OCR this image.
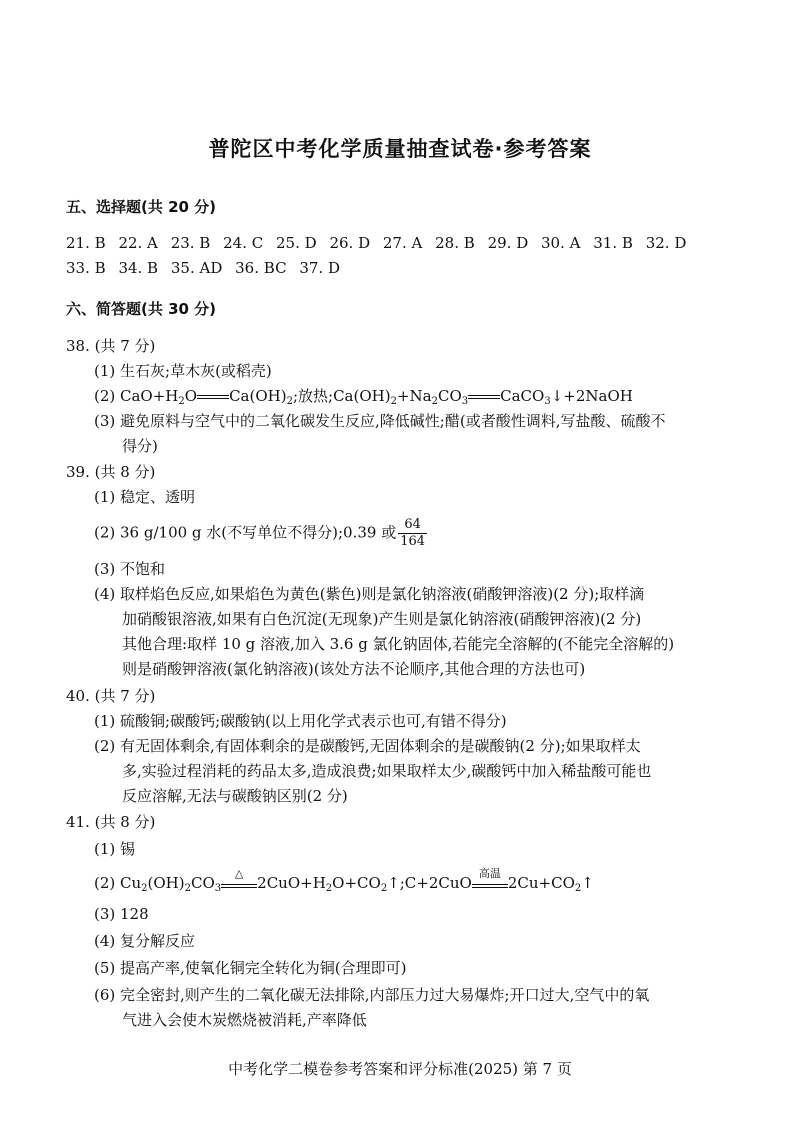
普陀区中考化学质量抽查试卷·参考答案
五、选择题(共 20 分)
21. B 22. A 23. B 24. C 25. D 26. D 27. A 28. B 29. D 30. A 31. B 32. D
33. B 34. B 35. AD 36. BC 37. D
六、简答题(共 30 分)
38. (共 7 分)
(1) 生石灰;草木灰(或稻壳)
(2) $CaO+H_2O$ $Ca(OH)_2$;放热$;Ca(OH)_2+Na_2CO_3$ CaCO$_3$↓+2NaOH
(3) 避免原料与空气中的二氧化碳发生反应,降低碱性;醋(或者酸性调料,写盐酸、硫酸不
得分)
39. (共 8 分)
(1) 稳定、透明
(2) 36 g/100 g 水(不写单位不得分);0.39 或 $\frac{64}{164}$
(3) 不饱和
(4) 取样焰色反应,如果焰色为黄色(紫色)则是氯化钠溶液(硝酸钾溶液)(2 分);取样滴
加硝酸银溶液,如果有白色沉淀(无现象)产生则是氯化钠溶液(硝酸钾溶液)(2 分)
其他合理:取样 10 g 溶液,加入 3.6 g 氯化钠固体,若能完全溶解的(不能完全溶解的)
则是硝酸钾溶液(氯化钠溶液)(该处方法不论顺序,其他合理的方法也可)
40. (共 7 分)
(1) 硫酸铜;碳酸钙;碳酸钠(以上用化学式表示也可,有错不得分)
(2) 有无固体剩余,有固体剩余的是碳酸钙,无固体剩余的是碳酸钠(2 分);如果取样太
多,实验过程消耗的药品太多,造成浪费;如果取样太少,碳酸钙中加入稀盐酸可能也
反应溶解,无法与碳酸钠区别(2 分)
41. (共 8 分)
(1) 锡
(2) $Cu_2(OH)_2CO_3$
△
$2CuO+H_2O+CO_2↑;C+2CuO$
高温
$2Cu+CO_2↑$
(3) 128
(4) 复分解反应
(5) 提高产率,使氧化铜完全转化为铜(合理即可)
(6) 完全密封,则产生的二氧化碳无法排除,内部压力过大易爆炸;开口过大,空气中的氧
气进入会使木炭燃烧被消耗,产率降低
中考化学二模卷参考答案和评分标准(2025) 第 7 页
